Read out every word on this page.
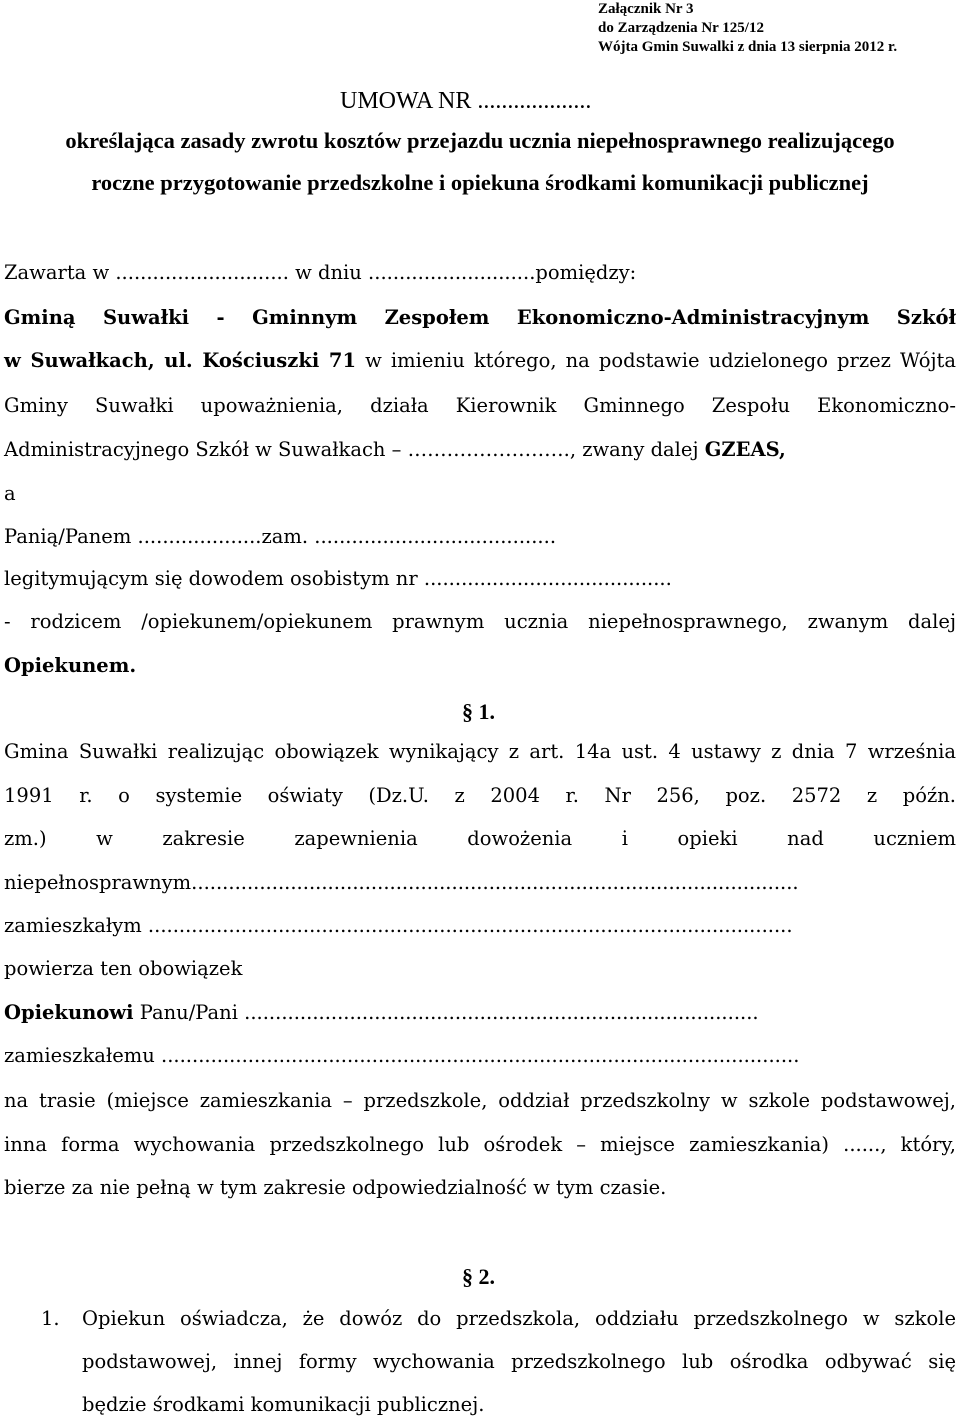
Załącznik Nr 3
do Zarządzenia Nr 125/12
Wójta Gmin Suwalki z dnia 13 sierpnia 2012 r.
UMOWA NR ...................
określająca zasady zwrotu kosztów przejazdu ucznia niepełnosprawnego realizującego
roczne przygotowanie przedszkolne i opiekuna środkami komunikacji publicznej
Zawarta w ............................ w dniu ...........................pomiędzy:
Gminą Suwałki - Gminnym Zespołem Ekonomiczno-Administracyjnym Szkół
w Suwałkach, ul. Kościuszki 71 w imieniu którego, na podstawie udzielonego przez Wójta
Gminy Suwałki upoważnienia, działa Kierownik Gminnego Zespołu Ekonomiczno-
Administracyjnego Szkół w Suwałkach – ……………………., zwany dalej GZEAS,
a
Panią/Panem ....................zam. .......................................
legitymującym się dowodem osobistym nr ........................................
- rodzicem /opiekunem/opiekunem prawnym ucznia niepełnosprawnego, zwanym dalej
Opiekunem.
§ 1.
Gmina Suwałki realizując obowiązek wynikający z art. 14a ust. 4 ustawy z dnia 7 września
1991 r. o systemie oświaty (Dz.U. z 2004 r. Nr 256, poz. 2572 z późn.
zm.) w zakresie zapewnienia dowożenia i opieki nad uczniem
niepełnosprawnym..................................................................................................
zamieszkałym ........................................................................................................
powierza ten obowiązek
Opiekunowi Panu/Pani ...................................................................................
zamieszkałemu .......................................................................................................
na trasie (miejsce zamieszkania – przedszkole, oddział przedszkolny w szkole podstawowej,
inna forma wychowania przedszkolnego lub ośrodek – miejsce zamieszkania) ......, który,
bierze za nie pełną w tym zakresie odpowiedzialność w tym czasie.
§ 2.
1. Opiekun oświadcza, że dowóz do przedszkola, oddziału przedszkolnego w szkole
podstawowej, innej formy wychowania przedszkolnego lub ośrodka odbywać się
będzie środkami komunikacji publicznej.
